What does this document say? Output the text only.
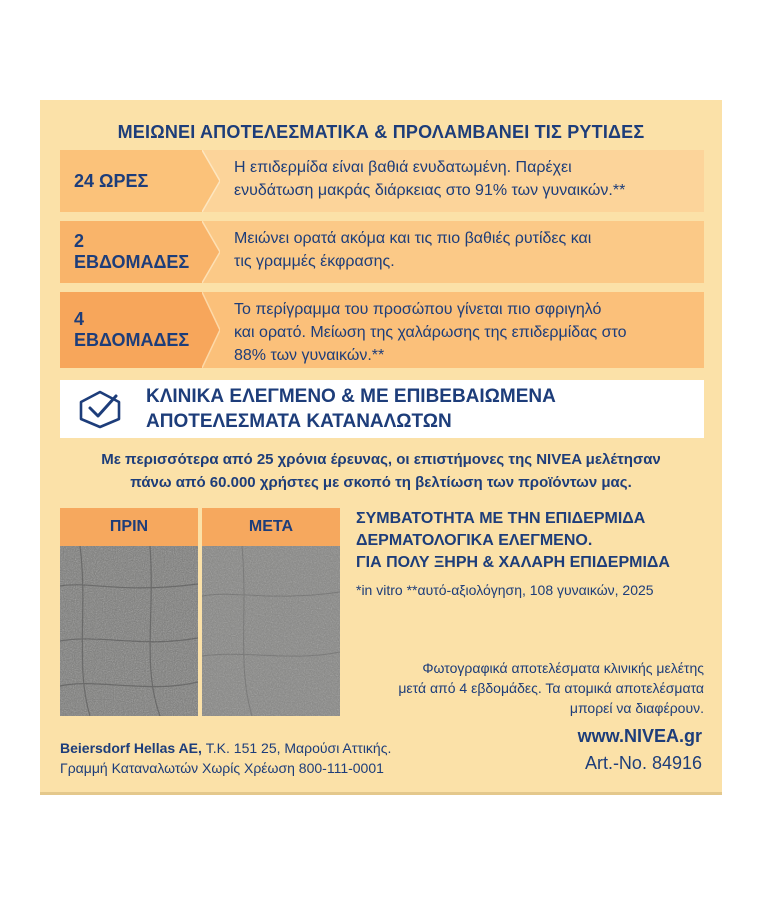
ΜΕΙΩΝΕΙ ΑΠΟΤΕΛΕΣΜΑΤΙΚΑ & ΠΡΟΛΑΜΒΑΝΕΙ ΤΙΣ ΡΥΤΙΔΕΣ
24 ΩΡΕΣ
Η επιδερμίδα είναι βαθιά ενυδατωμένη. Παρέχει
ενυδάτωση μακράς διάρκειας στο 91% των γυναικών.**
2 ΕΒΔΟΜΑΔΕΣ
Μειώνει ορατά ακόμα και τις πιο βαθιές ρυτίδες και
τις γραμμές έκφρασης.
4 ΕΒΔΟΜΑΔΕΣ
Το περίγραμμα του προσώπου γίνεται πιο σφριγηλό
και ορατό. Μείωση της χαλάρωσης της επιδερμίδας στο
88% των γυναικών.**
ΚΛΙΝΙΚΑ ΕΛΕΓΜΕΝΟ & ΜΕ ΕΠΙΒΕΒΑΙΩΜΕΝΑ
ΑΠΟΤΕΛΕΣΜΑΤΑ ΚΑΤΑΝΑΛΩΤΩΝ
Με περισσότερα από 25 χρόνια έρευνας, οι επιστήμονες της NIVEA μελέτησαν
πάνω από 60.000 χρήστες με σκοπό τη βελτίωση των προϊόντων μας.
ΠΡΙΝ	ΜΕΤΑ	ΣΥΜΒΑΤΟΤΗΤΑ ΜΕ ΤΗΝ ΕΠΙΔΕΡΜΙΔΑ
ΔΕΡΜΑΤΟΛΟΓΙΚΑ ΕΛΕΓΜΕΝΟ.
ΓΙΑ ΠΟΛΥ ΞΗΡΗ & ΧΑΛΑΡΗ ΕΠΙΔΕΡΜΙΔΑ
*in vitro **αυτό-αξιολόγηση, 108 γυναικών, 2025
Φωτογραφικά αποτελέσματα κλινικής μελέτης
μετά από 4 εβδομάδες. Τα ατομικά αποτελέσματα
μπορεί να διαφέρουν.
Beiersdorf Hellas AE, Τ.Κ. 151 25, Μαρούσι Αττικής.
Γραμμή Καταναλωτών Χωρίς Χρέωση 800-111-0001
www.NIVEA.gr
Art.-No. 84916
